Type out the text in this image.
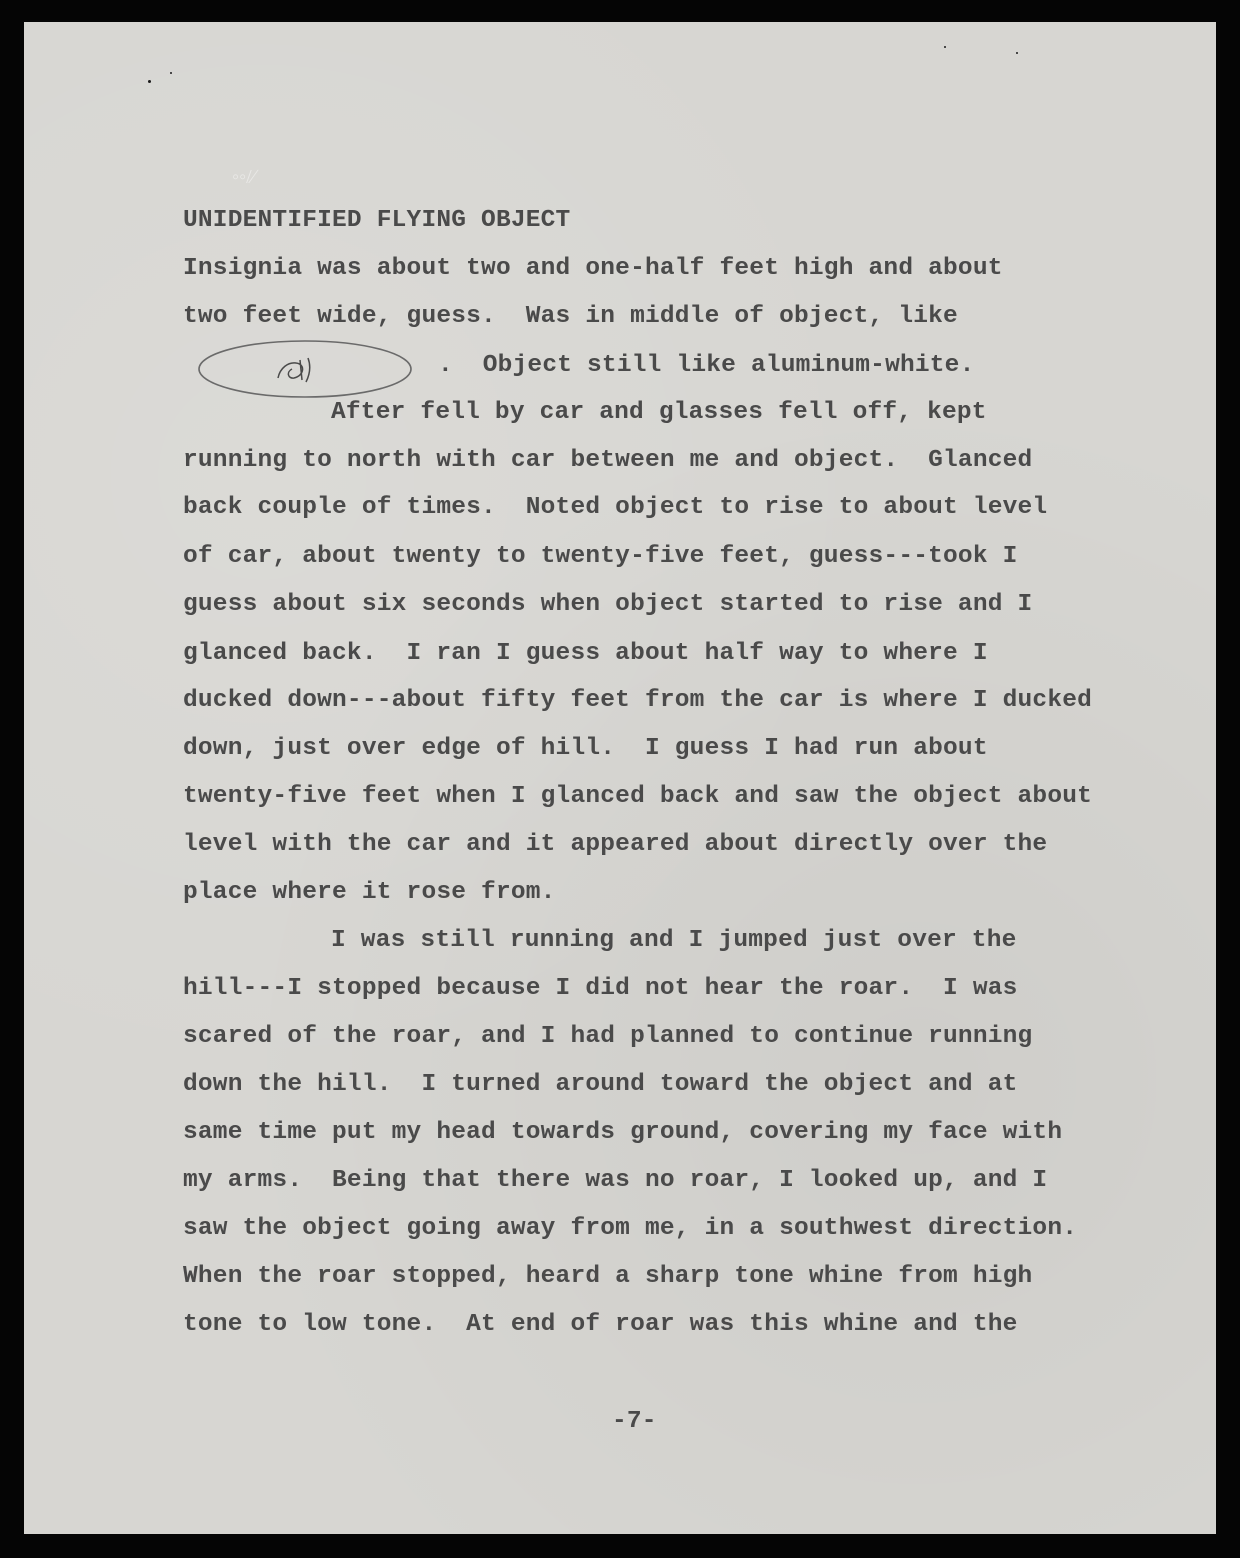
◦◦/∕
UNIDENTIFIED FLYING OBJECT
Insignia was about two and one-half feet high and about
two feet wide, guess.  Was in middle of object, like
.  Object still like aluminum-white.
After fell by car and glasses fell off, kept
running to north with car between me and object.  Glanced
back couple of times.  Noted object to rise to about level
of car, about twenty to twenty-five feet, guess---took I
guess about six seconds when object started to rise and I
glanced back.  I ran I guess about half way to where I
ducked down---about fifty feet from the car is where I ducked
down, just over edge of hill.  I guess I had run about
twenty-five feet when I glanced back and saw the object about
level with the car and it appeared about directly over the
place where it rose from.
I was still running and I jumped just over the
hill---I stopped because I did not hear the roar.  I was
scared of the roar, and I had planned to continue running
down the hill.  I turned around toward the object and at
same time put my head towards ground, covering my face with
my arms.  Being that there was no roar, I looked up, and I
saw the object going away from me, in a southwest direction.
When the roar stopped, heard a sharp tone whine from high
tone to low tone.  At end of roar was this whine and the
-7-
